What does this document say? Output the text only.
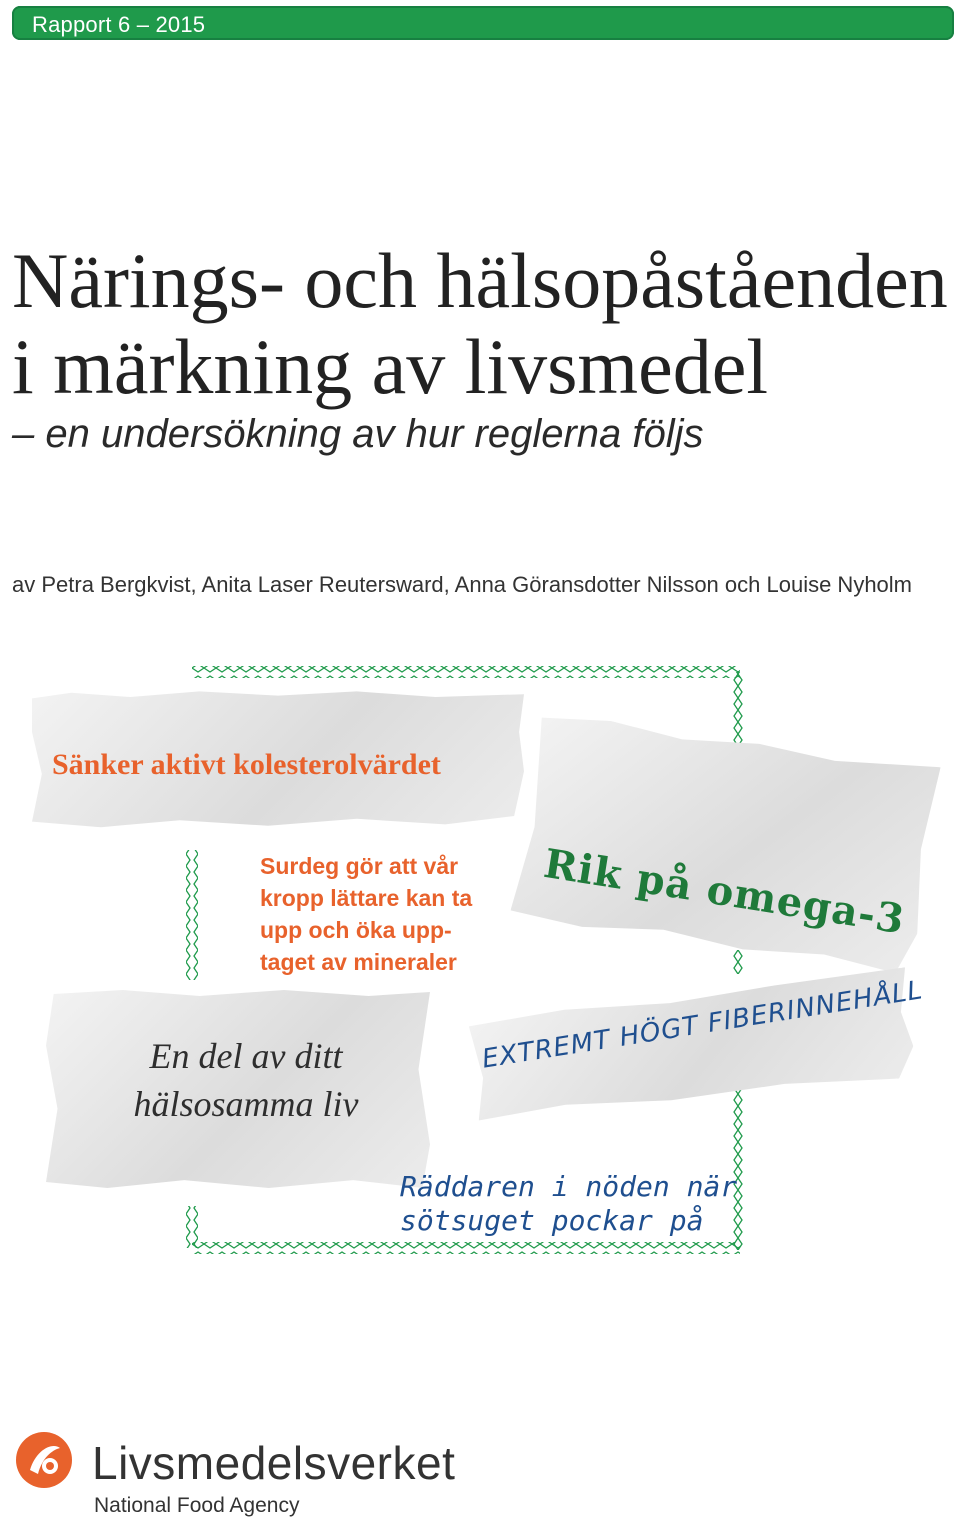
Rapport 6 – 2015
Närings- och hälsopåståenden
i märkning av livsmedel
– en undersökning av hur reglerna följs
av Petra Bergkvist, Anita Laser Reutersward, Anna Göransdotter Nilsson och Louise Nyholm
Sänker aktivt kolesterolvärdet

Surdeg gör att vår
kropp lättare kan ta
upp och öka upp-
taget av mineraler

Rik på omega-3

En del av ditt
hälsosamma liv

EXTREMT HÖGT FIBERINNEHÅLL

Räddaren i nöden när
sötsuget pockar på

Livsmedelsverket
National Food Agency
